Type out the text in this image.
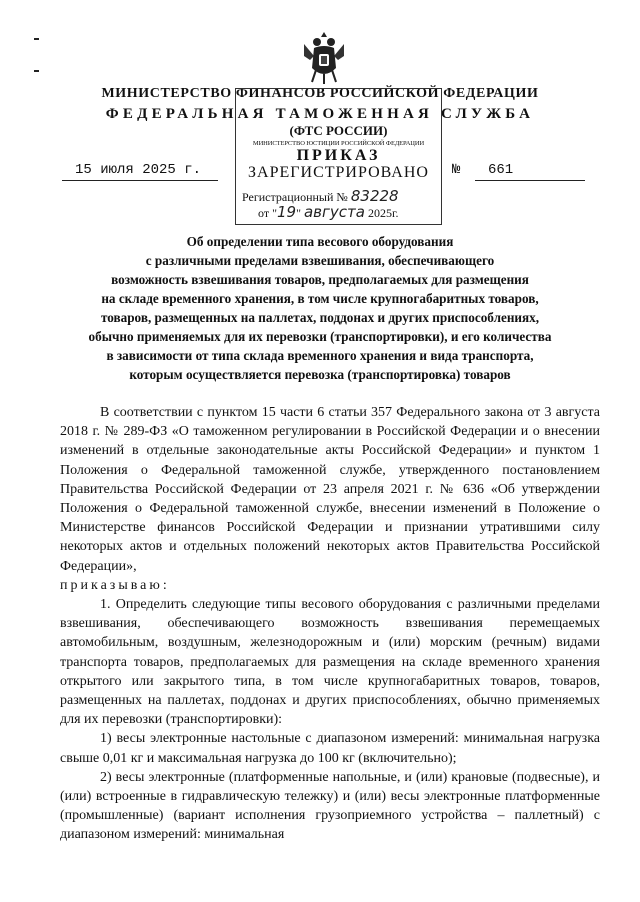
МИНИСТЕРСТВО ФИНАНСОВ РОССИЙСКОЙ ФЕДЕРАЦИИ
ФЕДЕРАЛЬНАЯ ТАМОЖЕННАЯ СЛУЖБА
(ФТС РОССИИ)
МИНИСТЕРСТВО ЮСТИЦИИ РОССИЙСКОЙ ФЕДЕРАЦИИ
ПРИКАЗ
ЗАРЕГИСТРИРОВАНО
Регистрационный № 83228
от "19" августа 2025г.
15 июля 2025 г.	№ 661
Об определении типа весового оборудования
с различными пределами взвешивания, обеспечивающего
возможность взвешивания товаров, предполагаемых для размещения
на складе временного хранения, в том числе крупногабаритных товаров,
товаров, размещенных на паллетах, поддонах и других приспособлениях,
обычно применяемых для их перевозки (транспортировки), и его количества
в зависимости от типа склада временного хранения и вида транспорта,
которым осуществляется перевозка (транспортировка) товаров

В соответствии с пунктом 15 части 6 статьи 357 Федерального закона от 3 августа 2018 г. № 289-ФЗ «О таможенном регулировании в Российской Федерации и о внесении изменений в отдельные законодательные акты Российской Федерации» и пунктом 1 Положения о Федеральной таможенной службе, утвержденного постановлением Правительства Российской Федерации от 23 апреля 2021 г. № 636 «Об утверждении Положения о Федеральной таможенной службе, внесении изменений в Положение о Министерстве финансов Российской Федерации и признании утратившими силу некоторых актов и отдельных положений некоторых актов Правительства Российской Федерации»,

приказываю:

1. Определить следующие типы весового оборудования с различными пределами взвешивания, обеспечивающего возможность взвешивания перемещаемых автомобильным, воздушным, железнодорожным и (или) морским (речным) видами транспорта товаров, предполагаемых для размещения на складе временного хранения открытого или закрытого типа, в том числе крупногабаритных товаров, товаров, размещенных на паллетах, поддонах и других приспособлениях, обычно применяемых для их перевозки (транспортировки):

1) весы электронные настольные с диапазоном измерений: минимальная нагрузка свыше 0,01 кг и максимальная нагрузка до 100 кг (включительно);

2) весы электронные (платформенные напольные, и (или) крановые (подвесные), и (или) встроенные в гидравлическую тележку) и (или) весы электронные платформенные (промышленные) (вариант исполнения грузоприемного устройства – паллетный) с диапазоном измерений: минимальная
